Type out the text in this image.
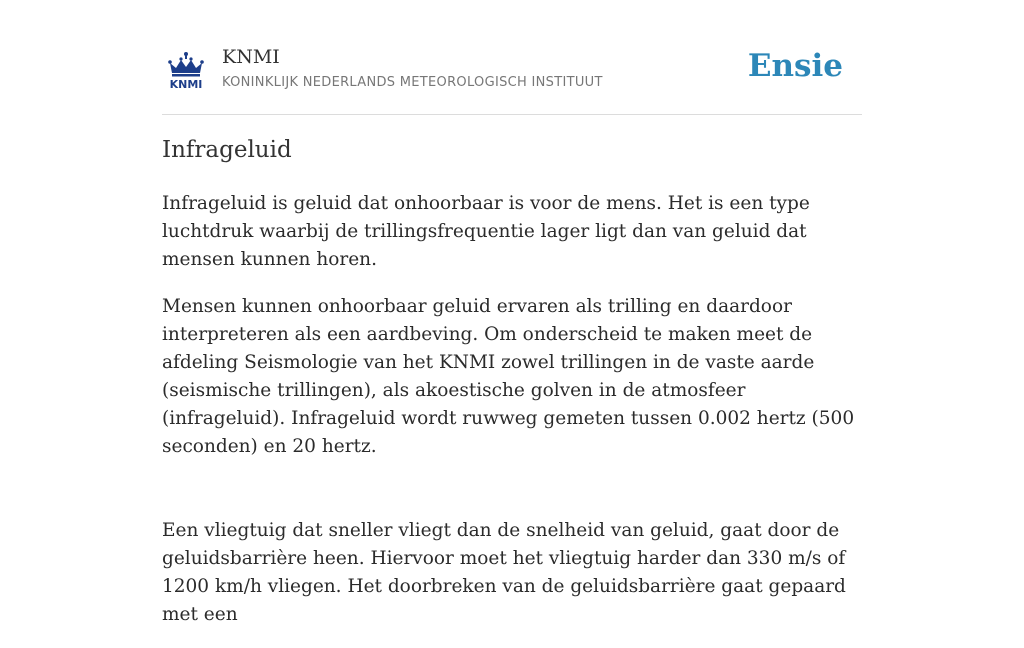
KNMI
KNMI
KONINKLIJK NEDERLANDS METEOROLOGISCH INSTITUUT	Ensie
Infrageluid

Infrageluid is geluid dat onhoorbaar is voor de mens. Het is een type luchtdruk waarbij de trillingsfrequentie lager ligt dan van geluid dat mensen kunnen horen.

Mensen kunnen onhoorbaar geluid ervaren als trilling en daardoor interpreteren als een aardbeving. Om onderscheid te maken meet de afdeling Seismologie van het KNMI zowel trillingen in de vaste aarde (seismische trillingen), als akoestische golven in de atmosfeer (infrageluid). Infrageluid wordt ruwweg gemeten tussen 0.002 hertz (500 seconden) en 20 hertz.

Een vliegtuig dat sneller vliegt dan de snelheid van geluid, gaat door de geluidsbarrière heen. Hiervoor moet het vliegtuig harder dan 330 m/s of 1200 km/h vliegen. Het doorbreken van de geluidsbarrière gaat gepaard met een
